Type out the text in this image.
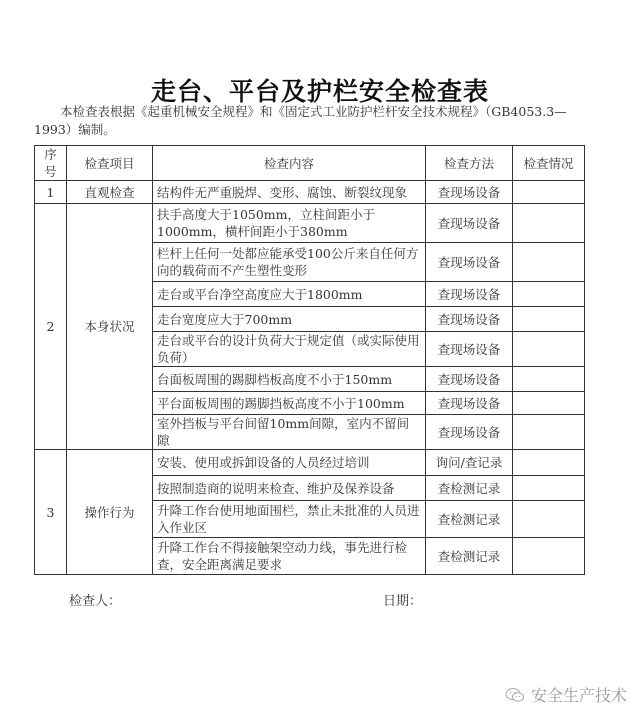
走台、平台及护栏安全检查表
本检查表根据《起重机械安全规程》和《固定式工业防护栏杆安全技术规程》（GB4053.3—1993）编制。
序号	检查项目	检查内容	检查方法	检查情况
1	直观检查	结构件无严重脱焊、变形、腐蚀、断裂纹现象	查现场设备	
2	本身状况	扶手高度大于1050mm，立柱间距小于1000mm，横杆间距小于380mm	查现场设备	
		栏杆上任何一处都应能承受100公斤来自任何方向的载荷而不产生塑性变形	查现场设备	
		走台或平台净空高度应大于1800mm	查现场设备	
		走台宽度应大于700mm	查现场设备	
		走台或平台的设计负荷大于规定值（或实际使用负荷）	查现场设备	
		台面板周围的踢脚档板高度不小于150mm	查现场设备	
		平台面板周围的踢脚挡板高度不小于100mm	查现场设备	
		室外挡板与平台间留10mm间隙，室内不留间隙	查现场设备	
3	操作行为	安装、使用或拆卸设备的人员经过培训	询问/查记录	
		按照制造商的说明来检查、维护及保养设备	查检测记录	
		升降工作台使用地面围栏，禁止未批准的人员进入作业区	查检测记录	
		升降工作台不得接触架空动力线，事先进行检查，安全距离满足要求	查检测记录	
检查人：	日期：
安全生产技术
